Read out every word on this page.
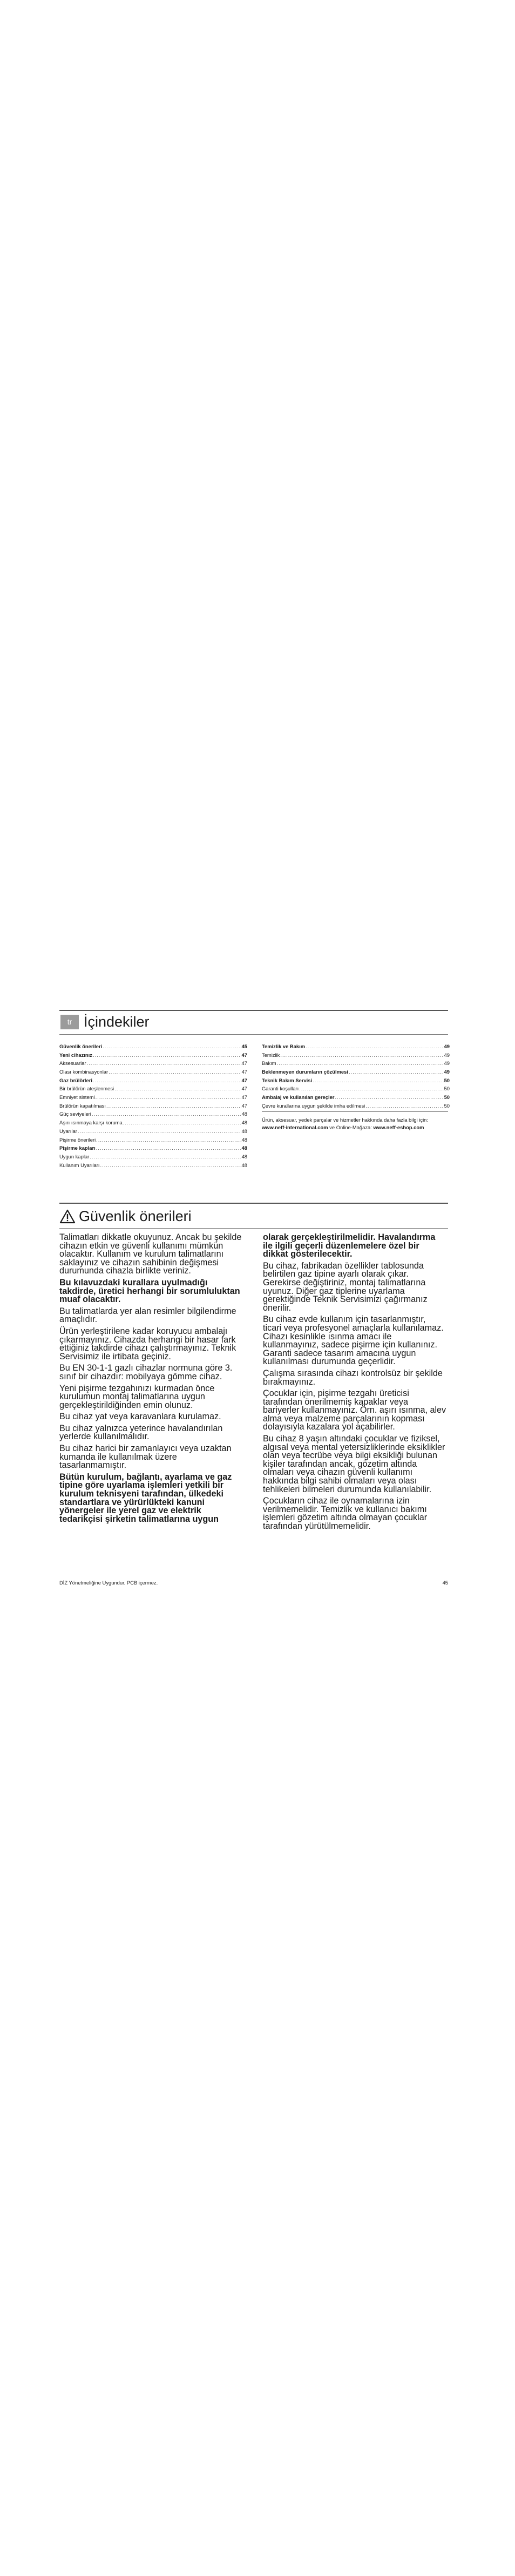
tr İçindekiler
Güvenlik önerileri .....	45
Yeni cihazınız .....	47
Aksesuarlar .....	47
Olası kombinasyonlar .....	47
Gaz brülörleri .....	47
Bir brülörün ateşlenmesi .....	47
Emniyet sistemi .....	47
Brülörün kapatılması .....	47
Güç seviyeleri .....	48
Aşırı ısınmaya karşı koruma .....	48
Uyarılar .....	48
Pişirme önerileri .....	48
Pişirme kapları .....	48
Uygun kaplar .....	48
Kullanım Uyarıları .....	48
Temizlik ve Bakım .....	49
Temizlik .....	49
Bakım .....	49
Beklenmeyen durumların çözülmesi .....	49
Teknik Bakım Servisi .....	50
Garanti koşulları .....	50
Ambalaj ve kullanılan gereçler .....	50
Çevre kurallarına uygun şekilde imha edilmesi .....	50
Ürün, aksesuar, yedek parçalar ve hizmetler hakkında daha fazla bilgi için: www.neff-international.com ve Online-Mağaza: www.neff-eshop.com
Güvenlik önerileri

Talimatları dikkatle okuyunuz. Ancak bu şekilde cihazın etkin ve güvenli kullanımı mümkün olacaktır. Kullanım ve kurulum talimatlarını saklayınız ve cihazın sahibinin değişmesi durumunda cihazla birlikte veriniz.

Bu kılavuzdaki kurallara uyulmadığı takdirde, üretici herhangi bir sorumluluktan muaf olacaktır.

Bu talimatlarda yer alan resimler bilgilendirme amaçlıdır.

Ürün yerleştirilene kadar koruyucu ambalajı çıkarmayınız. Cihazda herhangi bir hasar fark ettiğiniz takdirde cihazı çalıştırmayınız. Teknik Servisimiz ile irtibata geçiniz.

Bu EN 30-1-1 gazlı cihazlar normuna göre 3. sınıf bir cihazdır: mobilyaya gömme cihaz.

Yeni pişirme tezgahınızı kurmadan önce kurulumun montaj talimatlarına uygun gerçekleştirildiğinden emin olunuz.

Bu cihaz yat veya karavanlara kurulamaz.

Bu cihaz yalnızca yeterince havalandırılan yerlerde kullanılmalıdır.

Bu cihaz harici bir zamanlayıcı veya uzaktan kumanda ile kullanılmak üzere tasarlanmamıştır.

Bütün kurulum, bağlantı, ayarlama ve gaz tipine göre uyarlama işlemleri yetkili bir kurulum teknisyeni tarafından, ülkedeki standartlara ve yürürlükteki kanuni yönergeler ile yerel gaz ve elektrik tedarikçisi şirketin talimatlarına uygun

olarak gerçekleştirilmelidir. Havalandırma ile ilgili geçerli düzenlemelere özel bir dikkat gösterilecektir.

Bu cihaz, fabrikadan özellikler tablosunda belirtilen gaz tipine ayarlı olarak çıkar. Gerekirse değiştiriniz, montaj talimatlarına uyunuz. Diğer gaz tiplerine uyarlama gerektiğinde Teknik Servisimizi çağırmanız önerilir.

Bu cihaz evde kullanım için tasarlanmıştır, ticari veya profesyonel amaçlarla kullanılamaz. Cihazı kesinlikle ısınma amacı ile kullanmayınız, sadece pişirme için kullanınız. Garanti sadece tasarım amacına uygun kullanılması durumunda geçerlidir.

Çalışma sırasında cihazı kontrolsüz bir şekilde bırakmayınız.

Çocuklar için, pişirme tezgahı üreticisi tarafından önerilmemiş kapaklar veya bariyerler kullanmayınız. Örn. aşırı ısınma, alev alma veya malzeme parçalarının kopması dolayısıyla kazalara yol açabilirler.

Bu cihaz 8 yaşın altındaki çocuklar ve fiziksel, algısal veya mental yetersizliklerinde eksiklikler olan veya tecrübe veya bilgi eksikliği bulunan kişiler tarafından ancak, gözetim altında olmaları veya cihazın güvenli kullanımı hakkında bilgi sahibi olmaları veya olası tehlikeleri bilmeleri durumunda kullanılabilir.

Çocukların cihaz ile oynamalarına izin verilmemelidir. Temizlik ve kullanıcı bakımı işlemleri gözetim altında olmayan çocuklar tarafından yürütülmemelidir.

DİZ Yönetmeliğine Uygundur. PCB içermez.	45
